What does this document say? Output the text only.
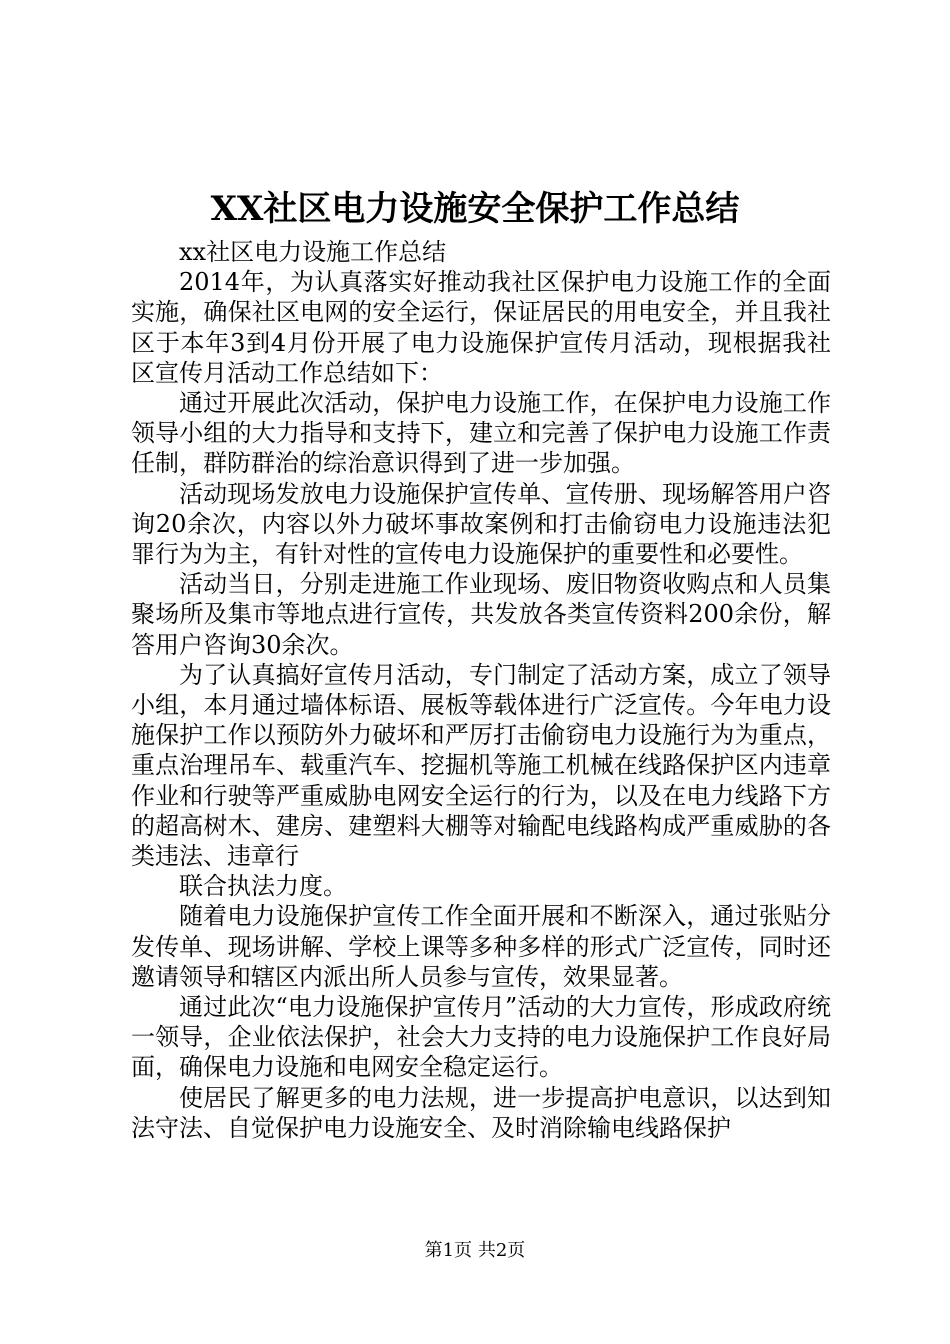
XX社区电力设施安全保护工作总结

xx社区电力设施工作总结

2014年，为认真落实好推动我社区保护电力设施工作的全面实施，确保社区电网的安全运行，保证居民的用电安全，并且我社区于本年3到4月份开展了电力设施保护宣传月活动，现根据我社区宣传月活动工作总结如下：

通过开展此次活动，保护电力设施工作，在保护电力设施工作领导小组的大力指导和支持下，建立和完善了保护电力设施工作责任制，群防群治的综治意识得到了进一步加强。

活动现场发放电力设施保护宣传单、宣传册、现场解答用户咨询20余次，内容以外力破坏事故案例和打击偷窃电力设施违法犯罪行为为主，有针对性的宣传电力设施保护的重要性和必要性。

活动当日，分别走进施工作业现场、废旧物资收购点和人员集聚场所及集市等地点进行宣传，共发放各类宣传资料200余份，解答用户咨询30余次。

为了认真搞好宣传月活动，专门制定了活动方案，成立了领导小组，本月通过墙体标语、展板等载体进行广泛宣传。今年电力设施保护工作以预防外力破坏和严厉打击偷窃电力设施行为为重点，重点治理吊车、载重汽车、挖掘机等施工机械在线路保护区内违章作业和行驶等严重威胁电网安全运行的行为，以及在电力线路下方的超高树木、建房、建塑料大棚等对输配电线路构成严重威胁的各类违法、违章行

联合执法力度。

随着电力设施保护宣传工作全面开展和不断深入，通过张贴分发传单、现场讲解、学校上课等多种多样的形式广泛宣传，同时还邀请领导和辖区内派出所人员参与宣传，效果显著。

通过此次“电力设施保护宣传月”活动的大力宣传，形成政府统一领导，企业依法保护，社会大力支持的电力设施保护工作良好局面，确保电力设施和电网安全稳定运行。

使居民了解更多的电力法规，进一步提高护电意识，以达到知法守法、自觉保护电力设施安全、及时消除输电线路保护

第1页 共2页
